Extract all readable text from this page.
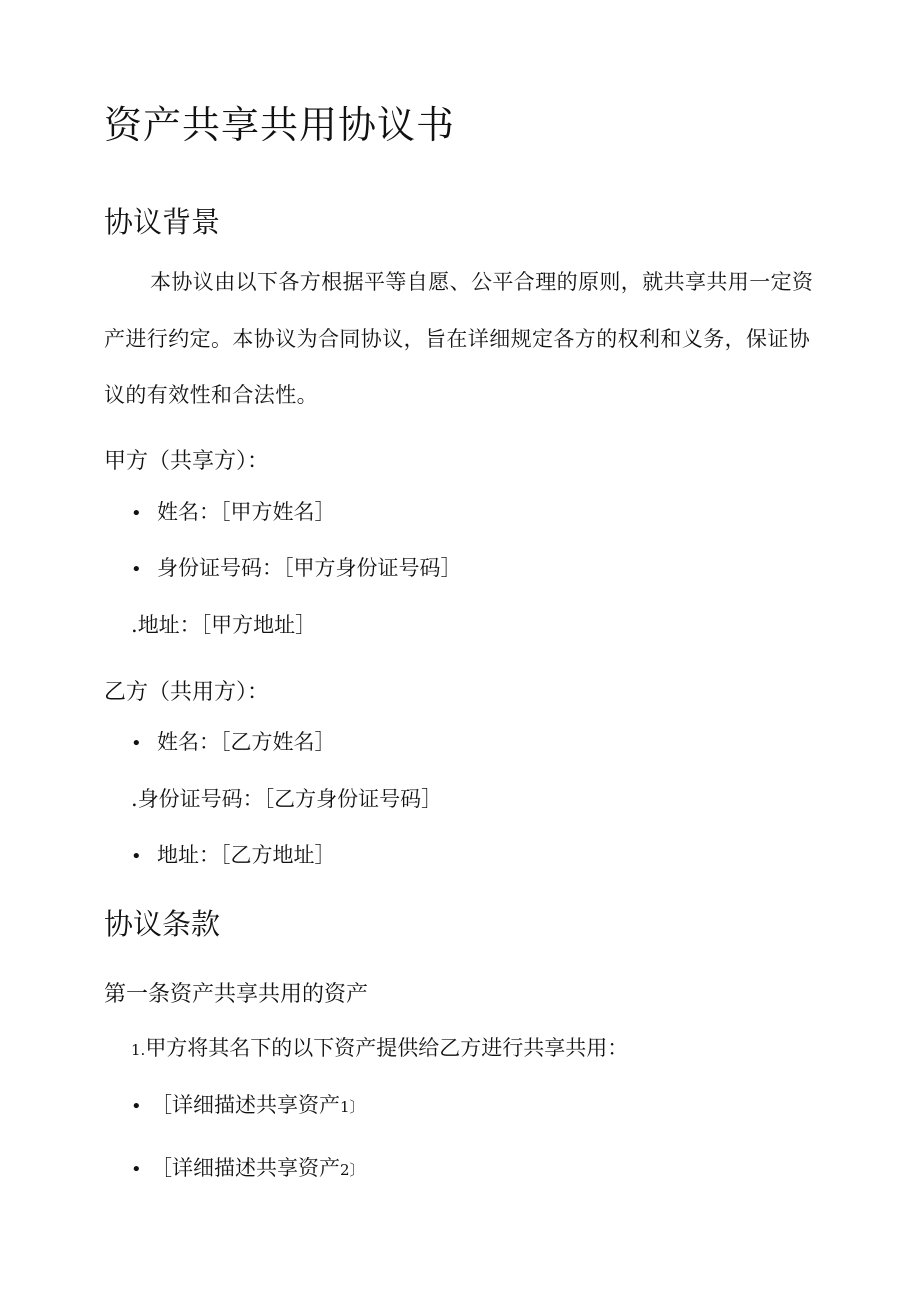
资产共享共用协议书
协议背景
本协议由以下各方根据平等自愿、公平合理的原则，就共享共用一定资
产进行约定。本协议为合同协议，旨在详细规定各方的权利和义务，保证协
议的有效性和合法性。
甲方（共享方）：
• 姓名：［甲方姓名］
• 身份证号码：［甲方身份证号码］
.地址：［甲方地址］
乙方（共用方）：
• 姓名：［乙方姓名］
.身份证号码：［乙方身份证号码］
• 地址：［乙方地址］
协议条款
第一条资产共享共用的资产
1.甲方将其名下的以下资产提供给乙方进行共享共用：
• ［详细描述共享资产1〕
• ［详细描述共享资产2〕
